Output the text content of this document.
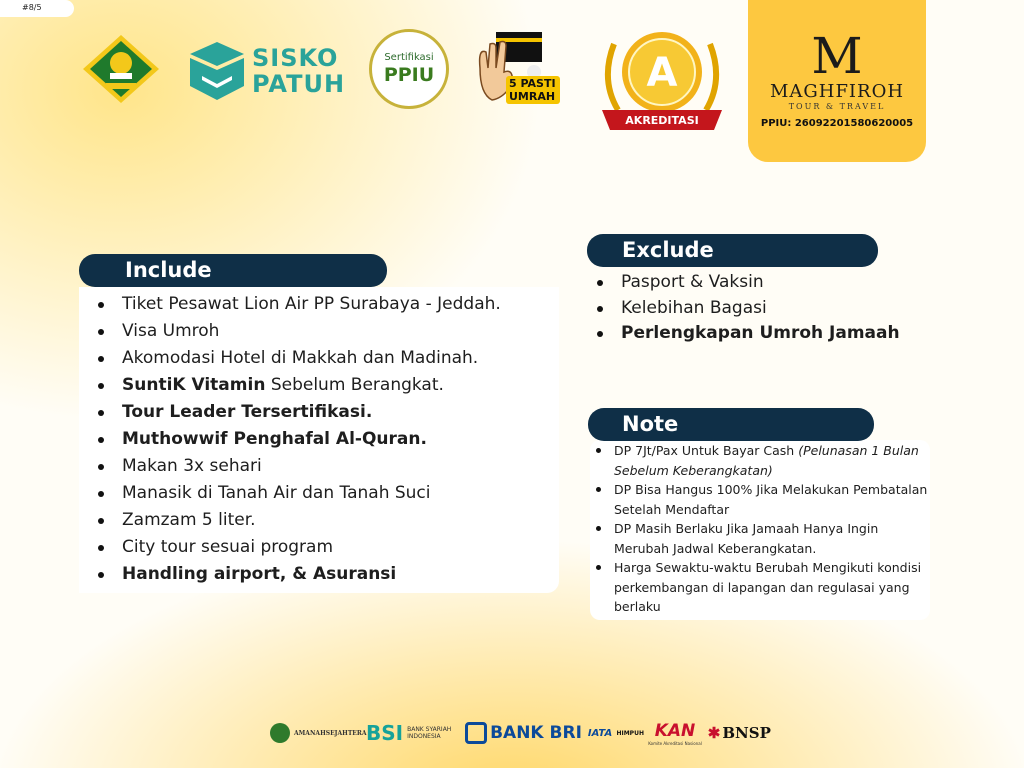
#8/5
SISKO PATUH
Sertifikasi
PPIU	5 PASTI UMRAH
A
AKREDITASI
M
MAGHFIROH
TOUR & TRAVEL
PPIU: 26092201580620005
Include
Tiket Pesawat Lion Air PP Surabaya - Jeddah.
Visa Umroh
Akomodasi Hotel di Makkah dan Madinah.
SuntiK Vitamin Sebelum Berangkat.
Tour Leader Tersertifikasi.
Muthowwif Penghafal Al-Quran.
Makan 3x sehari
Manasik di Tanah Air dan Tanah Suci
Zamzam 5 liter.
City tour sesuai program
Handling airport, & Asuransi
Exclude
Pasport & Vaksin
Kelebihan Bagasi
Perlengkapan Umroh Jamaah
Note
DP 7Jt/Pax Untuk Bayar Cash (Pelunasan 1 Bulan Sebelum Keberangkatan)
DP Bisa Hangus 100% Jika Melakukan Pembatalan Setelah Mendaftar
DP Masih Berlaku Jika Jamaah Hanya Ingin Merubah Jadwal Keberangkatan.
Harga Sewaktu-waktu Berubah Mengikuti kondisi perkembangan di lapangan dan regulasai yang berlaku
AMANAHSEJAHTERA BSI BANK SYARIAH INDONESIA	BANK BRI IATA HIMPUH KAN
Komite Akreditasi Nasional
✱ BNSP
